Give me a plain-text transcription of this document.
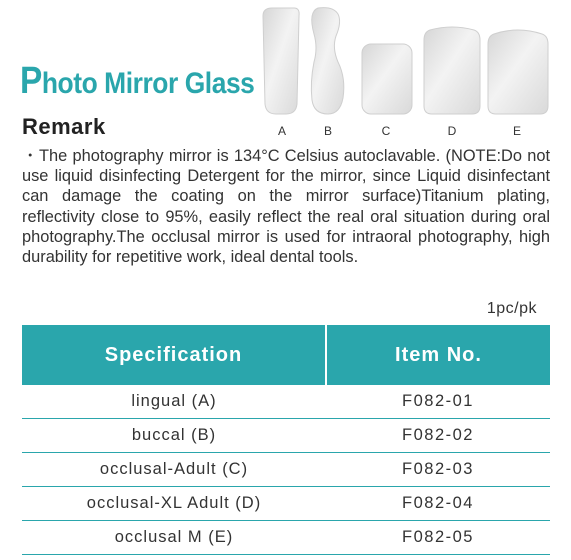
Photo Mirror Glass
A	B	C	D	E
Remark
・The photography mirror is 134°C Celsius autoclavable. (NOTE:Do not use liquid disinfecting Detergent for the mirror, since Liquid disinfectant can damage the coating on the mirror surface)Titanium plating, reflectivity close to 95%, easily reflect the real oral situation during oral photography.The occlusal mirror is used for intraoral photography, high durability for repetitive work, ideal dental tools.
1pc/pk
Specification	Item No.
lingual (A)	F082-01
buccal (B)	F082-02
occlusal-Adult (C)	F082-03
occlusal-XL Adult (D)	F082-04
occlusal M (E)	F082-05
